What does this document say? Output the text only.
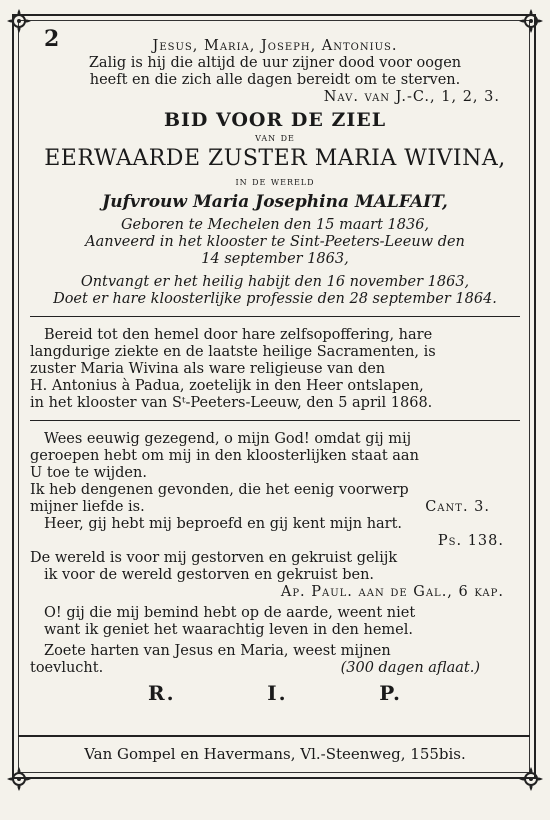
2	Jesus, Maria, Joseph, Antonius.
Zalig is hij die altijd de uur zijner dood voor oogen
heeft en die zich alle dagen bereidt om te sterven.
Nav. van J.-C., 1, 2, 3.
BID VOOR DE ZIEL
van de
EERWAARDE ZUSTER MARIA WIVINA,
in de wereld
Jufvrouw Maria Josephina MALFAIT,
Geboren te Mechelen den 15 maart 1836,
Aanveerd in het klooster te Sint-Peeters-Leeuw den
14 september 1863,
Ontvangt er het heilig habijt den 16 november 1863,
Doet er hare kloosterlijke professie den 28 september 1864.
Bereid tot den hemel door hare zelfsopoffering, hare
langdurige ziekte en de laatste heilige Sacramenten, is
zuster Maria Wivina als ware religieuse van den
H. Antonius à Padua, zoetelijk in den Heer ontslapen,
in het klooster van Sᵗ-Peeters-Leeuw, den 5 april 1868.
Wees eeuwig gezegend, o mijn God! omdat gij mij
geroepen hebt om mij in den kloosterlijken staat aan
U toe te wijden.
Ik heb dengenen gevonden, die het eenig voorwerp
mijner liefde is.	Cant. 3.
Heer, gij hebt mij beproefd en gij kent mijn hart.
Ps. 138.
De wereld is voor mij gestorven en gekruist gelijk
ik voor de wereld gestorven en gekruist ben.
Ap. Paul. aan de Gal., 6 kap.
O! gij die mij bemind hebt op de aarde, weent niet
want ik geniet het waarachtig leven in den hemel.
Zoete harten van Jesus en Maria, weest mijnen
toevlucht.	(300 dagen aflaat.)
R.	I.	P.
Van Gompel en Havermans, Vl.-Steenweg, 155bis.
